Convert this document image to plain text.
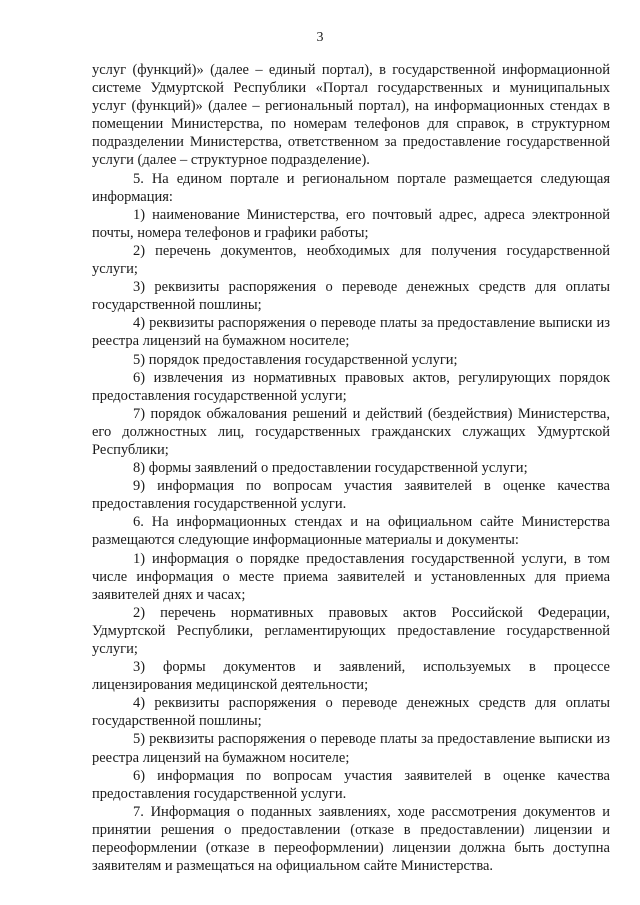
3

услуг (функций)» (далее – единый портал), в государственной информационной системе Удмуртской Республики «Портал государственных и муниципальных услуг (функций)» (далее – региональный портал), на информационных стендах в помещении Министерства, по номерам телефонов для справок, в структурном подразделении Министерства, ответственном за предоставление государственной услуги (далее – структурное подразделение).

5. На едином портале и региональном портале размещается следующая информация:

1) наименование Министерства, его почтовый адрес, адреса электронной почты, номера телефонов и графики работы;

2) перечень документов, необходимых для получения государственной услуги;

3) реквизиты распоряжения о переводе денежных средств для оплаты государственной пошлины;

4) реквизиты распоряжения о переводе платы за предоставление выписки из реестра лицензий на бумажном носителе;

5) порядок предоставления государственной услуги;

6) извлечения из нормативных правовых актов, регулирующих порядок предоставления государственной услуги;

7) порядок обжалования решений и действий (бездействия) Министерства, его должностных лиц, государственных гражданских служащих Удмуртской Республики;

8) формы заявлений о предоставлении государственной услуги;

9) информация по вопросам участия заявителей в оценке качества предоставления государственной услуги.

6. На информационных стендах и на официальном сайте Министерства размещаются следующие информационные материалы и документы:

1) информация о порядке предоставления государственной услуги, в том числе информация о месте приема заявителей и установленных для приема заявителей днях и часах;

2) перечень нормативных правовых актов Российской Федерации, Удмуртской Республики, регламентирующих предоставление государственной услуги;

3) формы документов и заявлений, используемых в процессе лицензирования медицинской деятельности;

4) реквизиты распоряжения о переводе денежных средств для оплаты государственной пошлины;

5) реквизиты распоряжения о переводе платы за предоставление выписки из реестра лицензий на бумажном носителе;

6) информация по вопросам участия заявителей в оценке качества предоставления государственной услуги.

7. Информация о поданных заявлениях, ходе рассмотрения документов и принятии решения о предоставлении (отказе в предоставлении) лицензии и переоформлении (отказе в переоформлении) лицензии должна быть доступна заявителям и размещаться на официальном сайте Министерства.
